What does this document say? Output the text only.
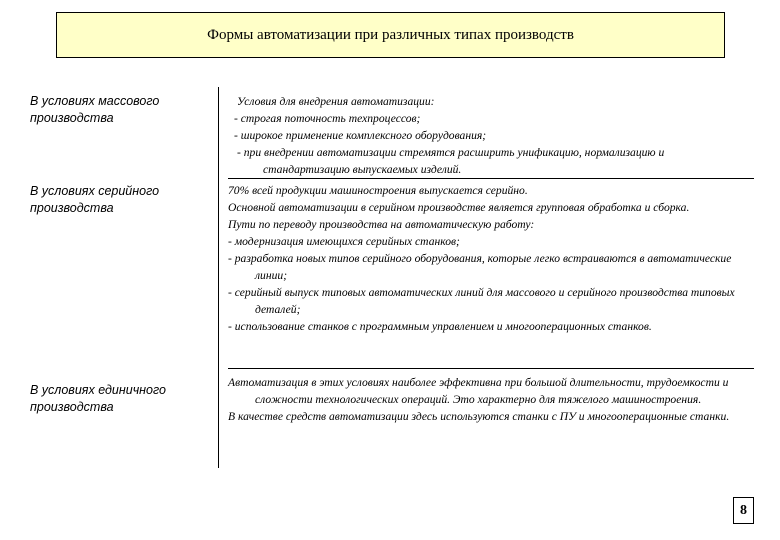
Формы автоматизации при различных типах производств
В условиях массового производства

Условия для внедрения автоматизации:

- строгая поточность техпроцессов;

- широкое применение комплексного оборудования;

- при внедрении автоматизации стремятся расширить унификацию, нормализацию и стандартизацию выпускаемых изделий.

В условиях серийного производства

70% всей продукции машиностроения выпускается серийно.

Основной автоматизации в серийном производстве является групповая обработка и сборка.

Пути по переводу производства на автоматическую работу:

- модернизация имеющихся серийных станков;

- разработка новых типов серийного оборудования, которые легко встраиваются в автоматические линии;

- серийный выпуск типовых автоматических линий для массового и серийного производства типовых деталей;

- использование станков с программным управлением и многооперационных станков.

В условиях единичного производства

Автоматизация в этих условиях наиболее эффективна при большой длительности, трудоемкости и сложности технологических операций. Это характерно для тяжелого машиностроения.

В качестве средств автоматизации здесь используются станки с ПУ и многооперационные станки.

8
